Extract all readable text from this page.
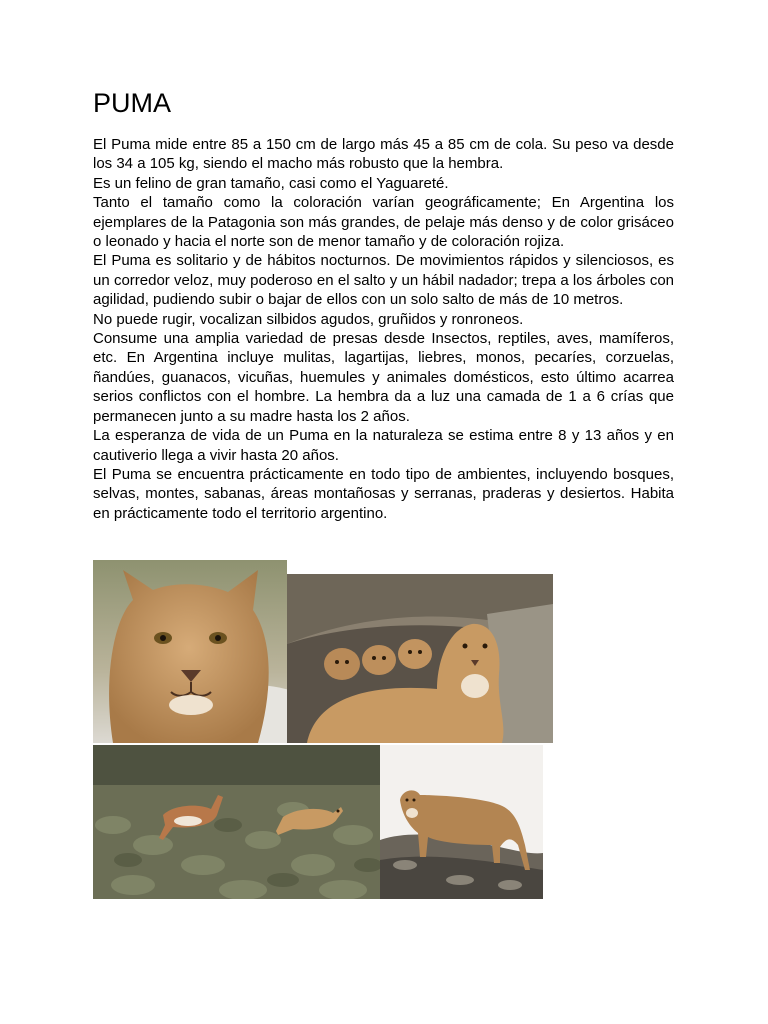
PUMA

El Puma mide entre 85 a 150 cm de largo más 45 a 85 cm de cola. Su peso va desde los 34 a 105 kg, siendo el macho más robusto que la hembra.

Es un felino de gran tamaño, casi como el Yaguareté.

Tanto el tamaño como la coloración varían geográficamente; En Argentina los ejemplares de la Patagonia son más grandes, de pelaje más denso y de color grisáceo o leonado y hacia el norte son de menor tamaño y de coloración rojiza.

El Puma es solitario y de hábitos nocturnos. De movimientos rápidos y silenciosos, es un corredor veloz, muy poderoso en el salto y un hábil nadador; trepa a los árboles con agilidad, pudiendo subir o bajar de ellos con un solo salto de más de 10 metros.

No puede rugir, vocalizan silbidos agudos, gruñidos y ronroneos.

Consume una amplia variedad de presas desde Insectos, reptiles, aves, mamíferos, etc. En Argentina incluye mulitas, lagartijas, liebres, monos, pecaríes, corzuelas, ñandúes, guanacos, vicuñas, huemules y animales domésticos, esto último acarrea serios conflictos con el hombre. La hembra da a luz una camada de 1 a 6 crías que permanecen junto a su madre hasta los 2 años.

La esperanza de vida de un Puma en la naturaleza se estima entre 8 y 13 años y en cautiverio llega a vivir hasta 20 años.

El Puma se encuentra prácticamente en todo tipo de ambientes, incluyendo bosques, selvas, montes, sabanas, áreas montañosas y serranas, praderas y desiertos. Habita en prácticamente todo el territorio argentino.
